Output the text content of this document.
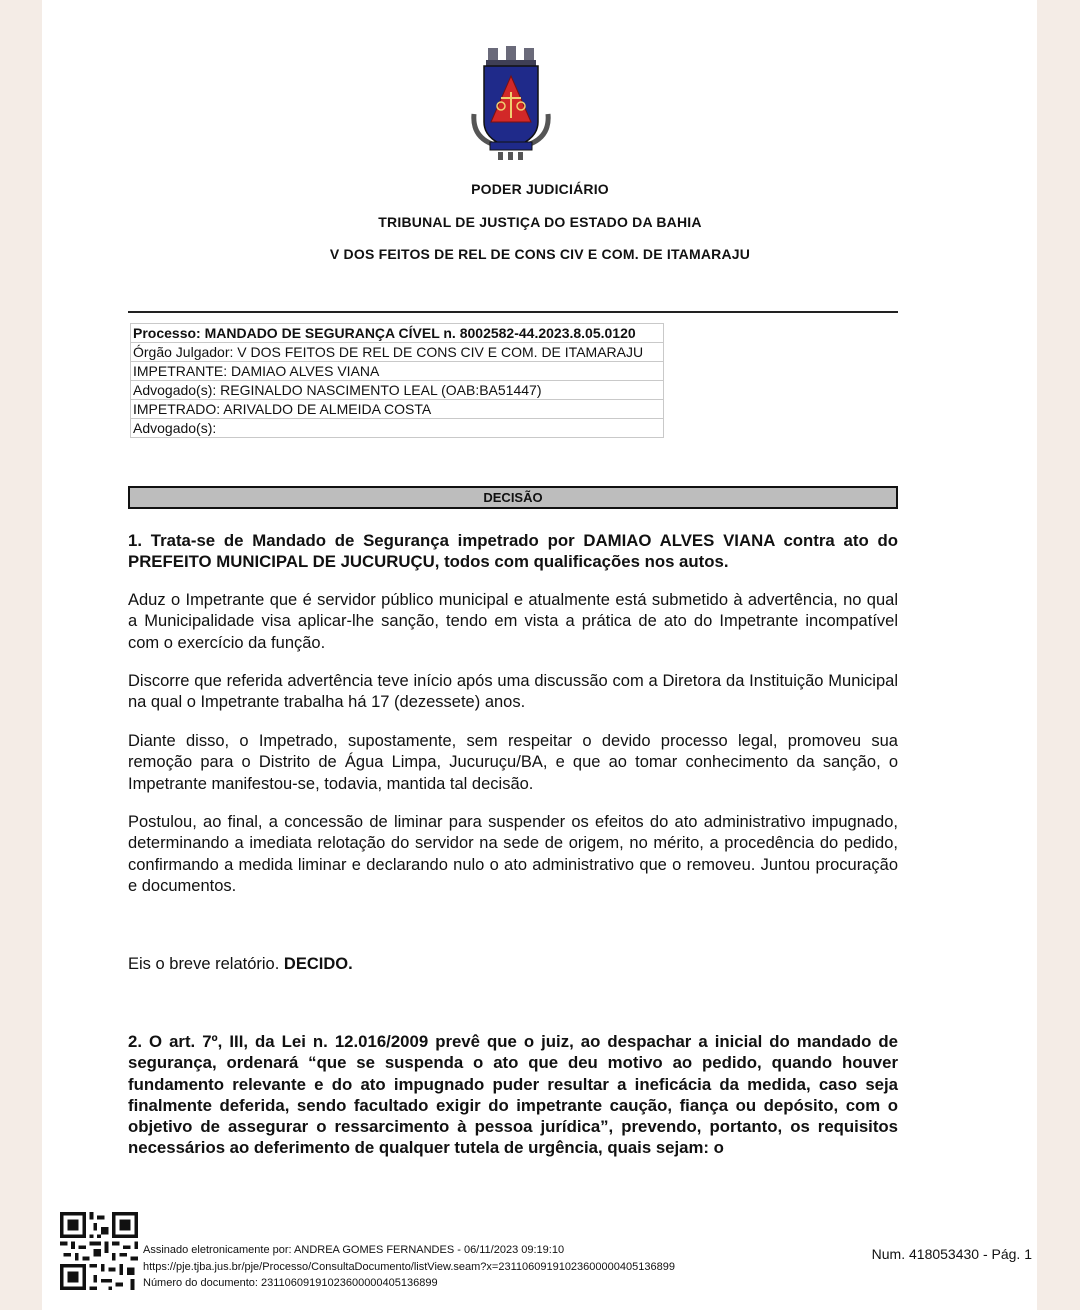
PODER JUDICIÁRIO
TRIBUNAL DE JUSTIÇA DO ESTADO DA BAHIA
V DOS FEITOS DE REL DE CONS CIV E COM. DE ITAMARAJU
Processo: MANDADO DE SEGURANÇA CÍVEL n. 8002582-44.2023.8.05.0120
Órgão Julgador: V DOS FEITOS DE REL DE CONS CIV E COM. DE ITAMARAJU
IMPETRANTE: DAMIAO ALVES VIANA
Advogado(s): REGINALDO NASCIMENTO LEAL (OAB:BA51447)
IMPETRADO: ARIVALDO DE ALMEIDA COSTA
Advogado(s):
DECISÃO
1. Trata-se de Mandado de Segurança impetrado por DAMIAO ALVES VIANA contra ato do PREFEITO MUNICIPAL DE JUCURUÇU, todos com qualificações nos autos.
Aduz o Impetrante que é servidor público municipal e atualmente está submetido à advertência, no qual a Municipalidade visa aplicar-lhe sanção, tendo em vista a prática de ato do Impetrante incompatível com o exercício da função.
Discorre que referida advertência teve início após uma discussão com a Diretora da Instituição Municipal na qual o Impetrante trabalha há 17 (dezessete) anos.
Diante disso, o Impetrado, supostamente, sem respeitar o devido processo legal, promoveu sua remoção para o Distrito de Água Limpa, Jucuruçu/BA, e que ao tomar conhecimento da sanção, o Impetrante manifestou-se, todavia, mantida tal decisão.
Postulou, ao final, a concessão de liminar para suspender os efeitos do ato administrativo impugnado, determinando a imediata relotação do servidor na sede de origem, no mérito, a procedência do pedido, confirmando a medida liminar e declarando nulo o ato administrativo que o removeu. Juntou procuração e documentos.
Eis o breve relatório. DECIDO.
2. O art. 7º, III, da Lei n. 12.016/2009 prevê que o juiz, ao despachar a inicial do mandado de segurança, ordenará “que se suspenda o ato que deu motivo ao pedido, quando houver fundamento relevante e do ato impugnado puder resultar a ineficácia da medida, caso seja finalmente deferida, sendo facultado exigir do impetrante caução, fiança ou depósito, com o objetivo de assegurar o ressarcimento à pessoa jurídica”, prevendo, portanto, os requisitos necessários ao deferimento de qualquer tutela de urgência, quais sejam: o
Assinado eletronicamente por: ANDREA GOMES FERNANDES - 06/11/2023 09:19:10
https://pje.tjba.jus.br/pje/Processo/ConsultaDocumento/listView.seam?x=23110609191023600000405136899
Número do documento: 23110609191023600000405136899
Num. 418053430 - Pág. 1
